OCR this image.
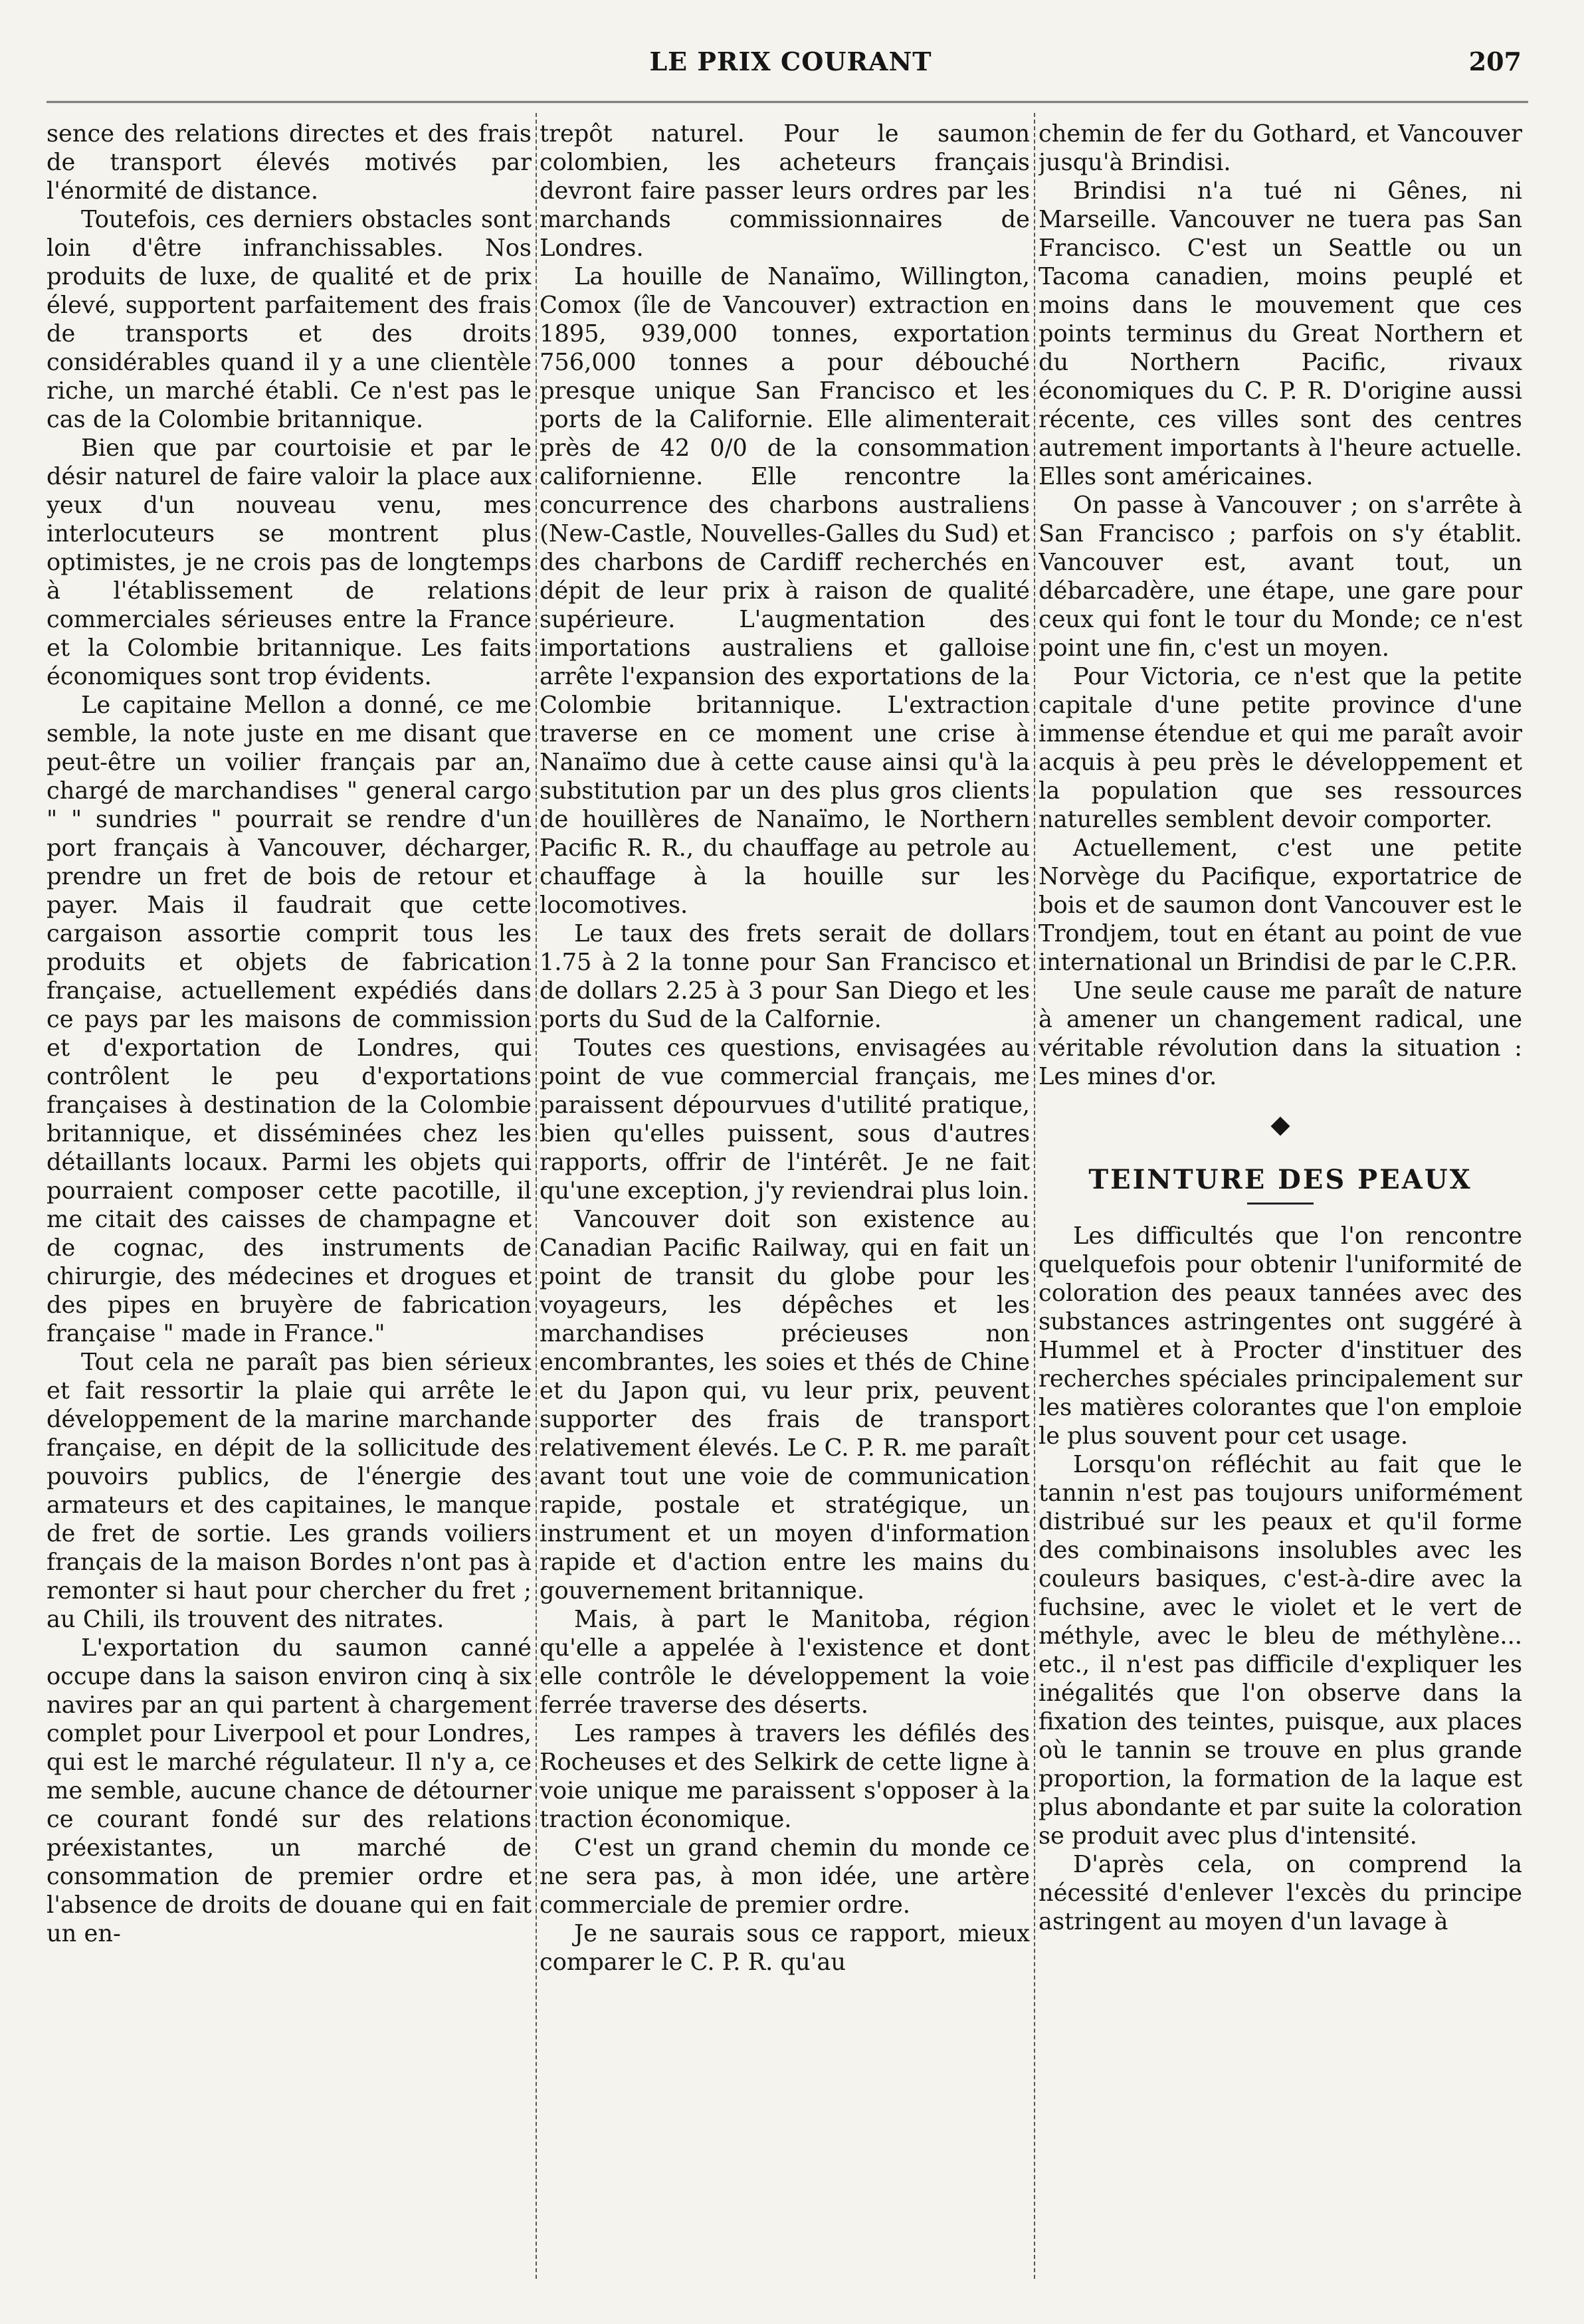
LE PRIX COURANT	207

sence des relations directes et des frais de transport élevés motivés par l'énormité de distance.

Toutefois, ces derniers obstacles sont loin d'être infranchissables. Nos produits de luxe, de qualité et de prix élevé, supportent parfaitement des frais de transports et des droits considérables quand il y a une clientèle riche, un marché établi. Ce n'est pas le cas de la Colombie britannique.

Bien que par courtoisie et par le désir naturel de faire valoir la place aux yeux d'un nouveau venu, mes interlocuteurs se montrent plus optimistes, je ne crois pas de longtemps à l'établissement de relations commerciales sérieuses entre la France et la Colombie britannique. Les faits économiques sont trop évidents.

Le capitaine Mellon a donné, ce me semble, la note juste en me disant que peut-être un voilier français par an, chargé de marchandises " general cargo " " sundries " pourrait se rendre d'un port français à Vancouver, décharger, prendre un fret de bois de retour et payer. Mais il faudrait que cette cargaison assortie comprit tous les produits et objets de fabrication française, actuellement expédiés dans ce pays par les maisons de commission et d'exportation de Londres, qui contrôlent le peu d'exportations françaises à destination de la Colombie britannique, et disséminées chez les détaillants locaux. Parmi les objets qui pourraient composer cette pacotille, il me citait des caisses de champagne et de cognac, des instruments de chirurgie, des médecines et drogues et des pipes en bruyère de fabrication française " made in France."

Tout cela ne paraît pas bien sérieux et fait ressortir la plaie qui arrête le développement de la marine marchande française, en dépit de la sollicitude des pouvoirs publics, de l'énergie des armateurs et des capitaines, le manque de fret de sortie. Les grands voiliers français de la maison Bordes n'ont pas à remonter si haut pour chercher du fret ; au Chili, ils trouvent des nitrates.

L'exportation du saumon canné occupe dans la saison environ cinq à six navires par an qui partent à chargement complet pour Liverpool et pour Londres, qui est le marché régulateur. Il n'y a, ce me semble, aucune chance de détourner ce courant fondé sur des relations préexistantes, un marché de consommation de premier ordre et l'absence de droits de douane qui en fait un en-

trepôt naturel. Pour le saumon colombien, les acheteurs français devront faire passer leurs ordres par les marchands commissionnaires de Londres.

La houille de Nanaïmo, Willington, Comox (île de Vancouver) extraction en 1895, 939,000 tonnes, exportation 756,000 tonnes a pour débouché presque unique San Francisco et les ports de la Californie. Elle alimenterait près de 42 0/0 de la consommation californienne. Elle rencontre la concurrence des charbons australiens (New-Castle, Nouvelles-Galles du Sud) et des charbons de Cardiff recherchés en dépit de leur prix à raison de qualité supérieure. L'augmentation des importations australiens et galloise arrête l'expansion des exportations de la Colombie britannique. L'extraction traverse en ce moment une crise à Nanaïmo due à cette cause ainsi qu'à la substitution par un des plus gros clients de houillères de Nanaïmo, le Northern Pacific R. R., du chauffage au petrole au chauffage à la houille sur les locomotives.

Le taux des frets serait de dollars 1.75 à 2 la tonne pour San Francisco et de dollars 2.25 à 3 pour San Diego et les ports du Sud de la Calfornie.

Toutes ces questions, envisagées au point de vue commercial français, me paraissent dépourvues d'utilité pratique, bien qu'elles puissent, sous d'autres rapports, offrir de l'intérêt. Je ne fait qu'une exception, j'y reviendrai plus loin.

Vancouver doit son existence au Canadian Pacific Railway, qui en fait un point de transit du globe pour les voyageurs, les dépêches et les marchandises précieuses non encombrantes, les soies et thés de Chine et du Japon qui, vu leur prix, peuvent supporter des frais de transport relativement élevés. Le C. P. R. me paraît avant tout une voie de communication rapide, postale et stratégique, un instrument et un moyen d'information rapide et d'action entre les mains du gouvernement britannique.

Mais, à part le Manitoba, région qu'elle a appelée à l'existence et dont elle contrôle le développement la voie ferrée traverse des déserts.

Les rampes à travers les défilés des Rocheuses et des Selkirk de cette ligne à voie unique me paraissent s'opposer à la traction économique.

C'est un grand chemin du monde ce ne sera pas, à mon idée, une artère commerciale de premier ordre.

Je ne saurais sous ce rapport, mieux comparer le C. P. R. qu'au

chemin de fer du Gothard, et Vancouver jusqu'à Brindisi.

Brindisi n'a tué ni Gênes, ni Marseille. Vancouver ne tuera pas San Francisco. C'est un Seattle ou un Tacoma canadien, moins peuplé et moins dans le mouvement que ces points terminus du Great Northern et du Northern Pacific, rivaux économiques du C. P. R. D'origine aussi récente, ces villes sont des centres autrement importants à l'heure actuelle. Elles sont américaines.

On passe à Vancouver ; on s'arrête à San Francisco ; parfois on s'y établit. Vancouver est, avant tout, un débarcadère, une étape, une gare pour ceux qui font le tour du Monde; ce n'est point une fin, c'est un moyen.

Pour Victoria, ce n'est que la petite capitale d'une petite province d'une immense étendue et qui me paraît avoir acquis à peu près le développement et la population que ses ressources naturelles semblent devoir comporter.

Actuellement, c'est une petite Norvège du Pacifique, exportatrice de bois et de saumon dont Vancouver est le Trondjem, tout en étant au point de vue international un Brindisi de par le C.P.R.

Une seule cause me paraît de nature à amener un changement radical, une véritable révolution dans la situation : Les mines d'or.

◆
TEINTURE DES PEAUX

Les difficultés que l'on rencontre quelquefois pour obtenir l'uniformité de coloration des peaux tannées avec des substances astringentes ont suggéré à Hummel et à Procter d'instituer des recherches spéciales principalement sur les matières colorantes que l'on emploie le plus souvent pour cet usage.

Lorsqu'on réfléchit au fait que le tannin n'est pas toujours uniformément distribué sur les peaux et qu'il forme des combinaisons insolubles avec les couleurs basiques, c'est-à-dire avec la fuchsine, avec le violet et le vert de méthyle, avec le bleu de méthylène... etc., il n'est pas difficile d'expliquer les inégalités que l'on observe dans la fixation des teintes, puisque, aux places où le tannin se trouve en plus grande proportion, la formation de la laque est plus abondante et par suite la coloration se produit avec plus d'intensité.

D'après cela, on comprend la nécessité d'enlever l'excès du principe astringent au moyen d'un lavage à
